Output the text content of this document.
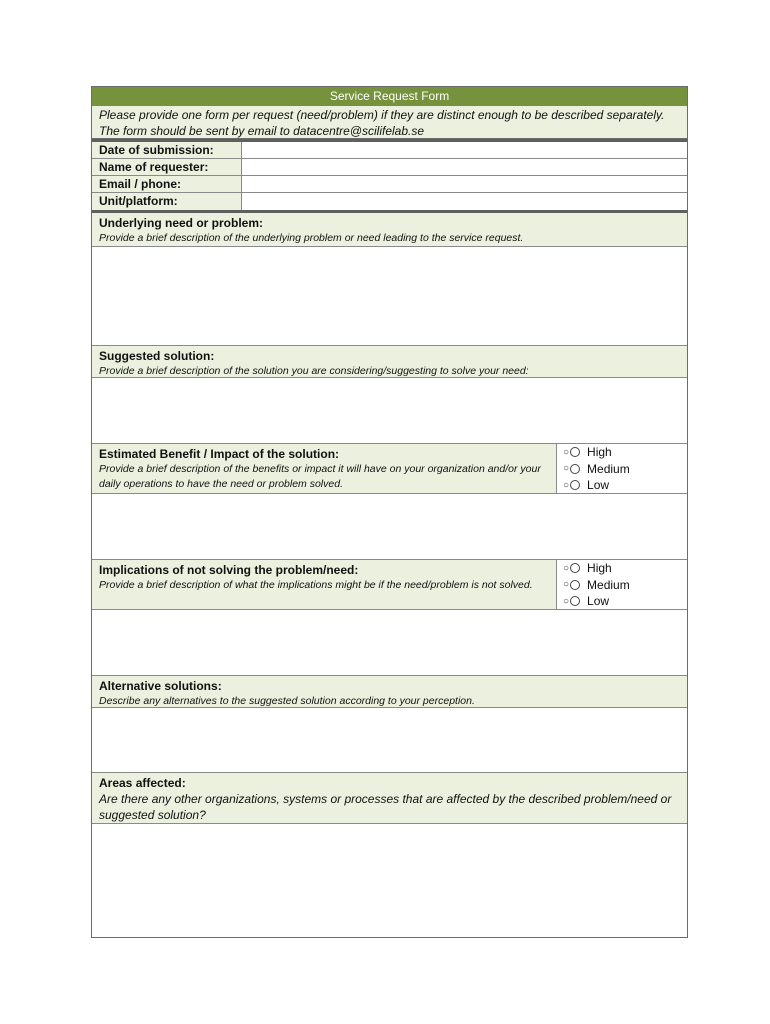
Service Request Form
Please provide one form per request (need/problem) if they are distinct enough to be described separately. The form should be sent by email to datacentre@scilifelab.se
Date of submission:
Name of requester:
Email / phone:
Unit/platform:
Underlying need or problem:
Provide a brief description of the underlying problem or need leading to the service request.
Suggested solution:
Provide a brief description of the solution you are considering/suggesting to solve your need:
Estimated Benefit / Impact of the solution:
Provide a brief description of the benefits or impact it will have on your organization and/or your daily operations to have the need or problem solved.
○ High
○ Medium
○ Low
Implications of not solving the problem/need:
Provide a brief description of what the implications might be if the need/problem is not solved.
○ High
○ Medium
○ Low
Alternative solutions:
Describe any alternatives to the suggested solution according to your perception.
Areas affected:
Are there any other organizations, systems or processes that are affected by the described problem/need or suggested solution?
